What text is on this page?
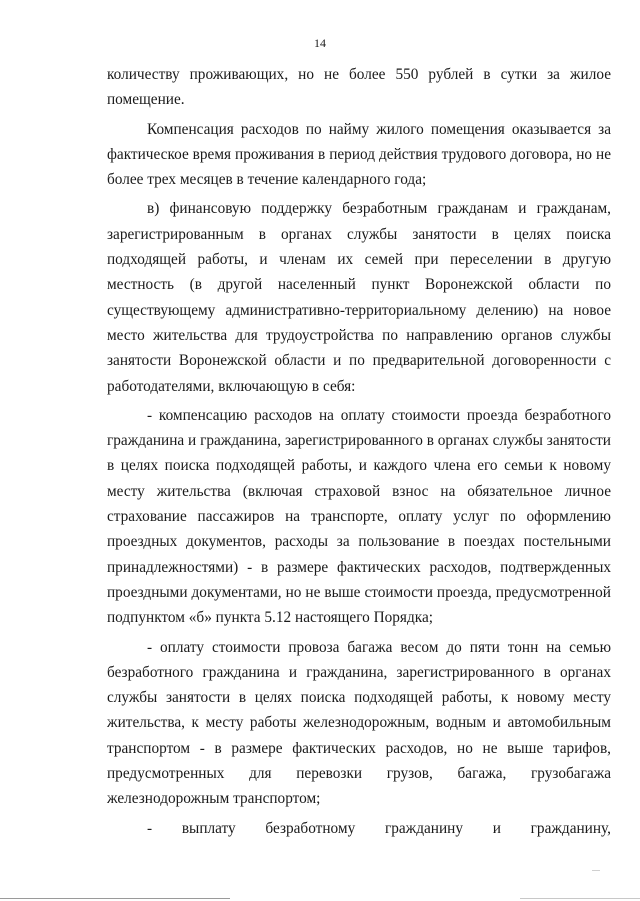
14

количеству проживающих, но не более 550 рублей в сутки за жилое помещение.

Компенсация расходов по найму жилого помещения оказывается за фактическое время проживания в период действия трудового договора, но не более трех месяцев в течение календарного года;

в) финансовую поддержку безработным гражданам и гражданам, зарегистрированным в органах службы занятости в целях поиска подходящей работы, и членам их семей при переселении в другую местность (в другой населенный пункт Воронежской области по существующему административно-территориальному делению) на новое место жительства для трудоустройства по направлению органов службы занятости Воронежской области и по предварительной договоренности с работодателями, включающую в себя:

- компенсацию расходов на оплату стоимости проезда безработного гражданина и гражданина, зарегистрированного в органах службы занятости в целях поиска подходящей работы, и каждого члена его семьи к новому месту жительства (включая страховой взнос на обязательное личное страхование пассажиров на транспорте, оплату услуг по оформлению проездных документов, расходы за пользование в поездах постельными принадлежностями) - в размере фактических расходов, подтвержденных проездными документами, но не выше стоимости проезда, предусмотренной подпунктом «б» пункта 5.12 настоящего Порядка;

- оплату стоимости провоза багажа весом до пяти тонн на семью безработного гражданина и гражданина, зарегистрированного в органах службы занятости в целях поиска подходящей работы, к новому месту жительства, к месту работы железнодорожным, водным и автомобильным транспортом - в размере фактических расходов, но не выше тарифов, предусмотренных для перевозки грузов, багажа, грузобагажа железнодорожным транспортом;

- выплату безработному гражданину и гражданину,
